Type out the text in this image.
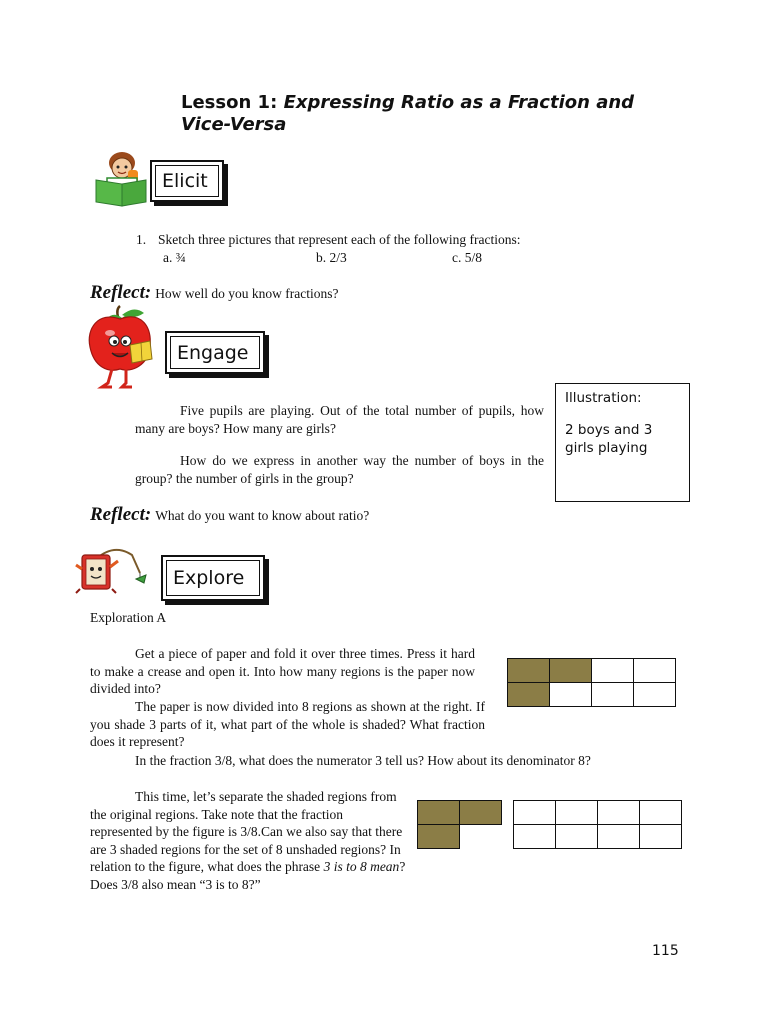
Lesson 1: Expressing Ratio as a Fraction and
Vice-Versa
Elicit
1. Sketch three pictures that represent each of the following fractions:
a. ¾	b. 2/3	c. 5/8
Reflect: How well do you know fractions?
Engage

Five pupils are playing. Out of the total number of pupils, how many are boys? How many are girls?

How do we express in another way the number of boys in the group? the number of girls in the group?

Illustration:
2 boys and 3 girls playing
Reflect: What do you want to know about ratio?
Explore
Exploration A

Get a piece of paper and fold it over three times. Press it hard to make a crease and open it. Into how many regions is the paper now divided into?

The paper is now divided into 8 regions as shown at the right. If you shade 3 parts of it, what part of the whole is shaded? What fraction does it represent?

In the fraction 3/8, what does the numerator 3 tell us? How about its denominator 8?

This time, let’s separate the shaded regions from the original regions. Take note that the fraction represented by the figure is 3/8.Can we also say that there are 3 shaded regions for the set of 8 unshaded regions? In relation to the figure, what does the phrase 3 is to 8 mean? Does 3/8 also mean “3 is to 8?”

115
